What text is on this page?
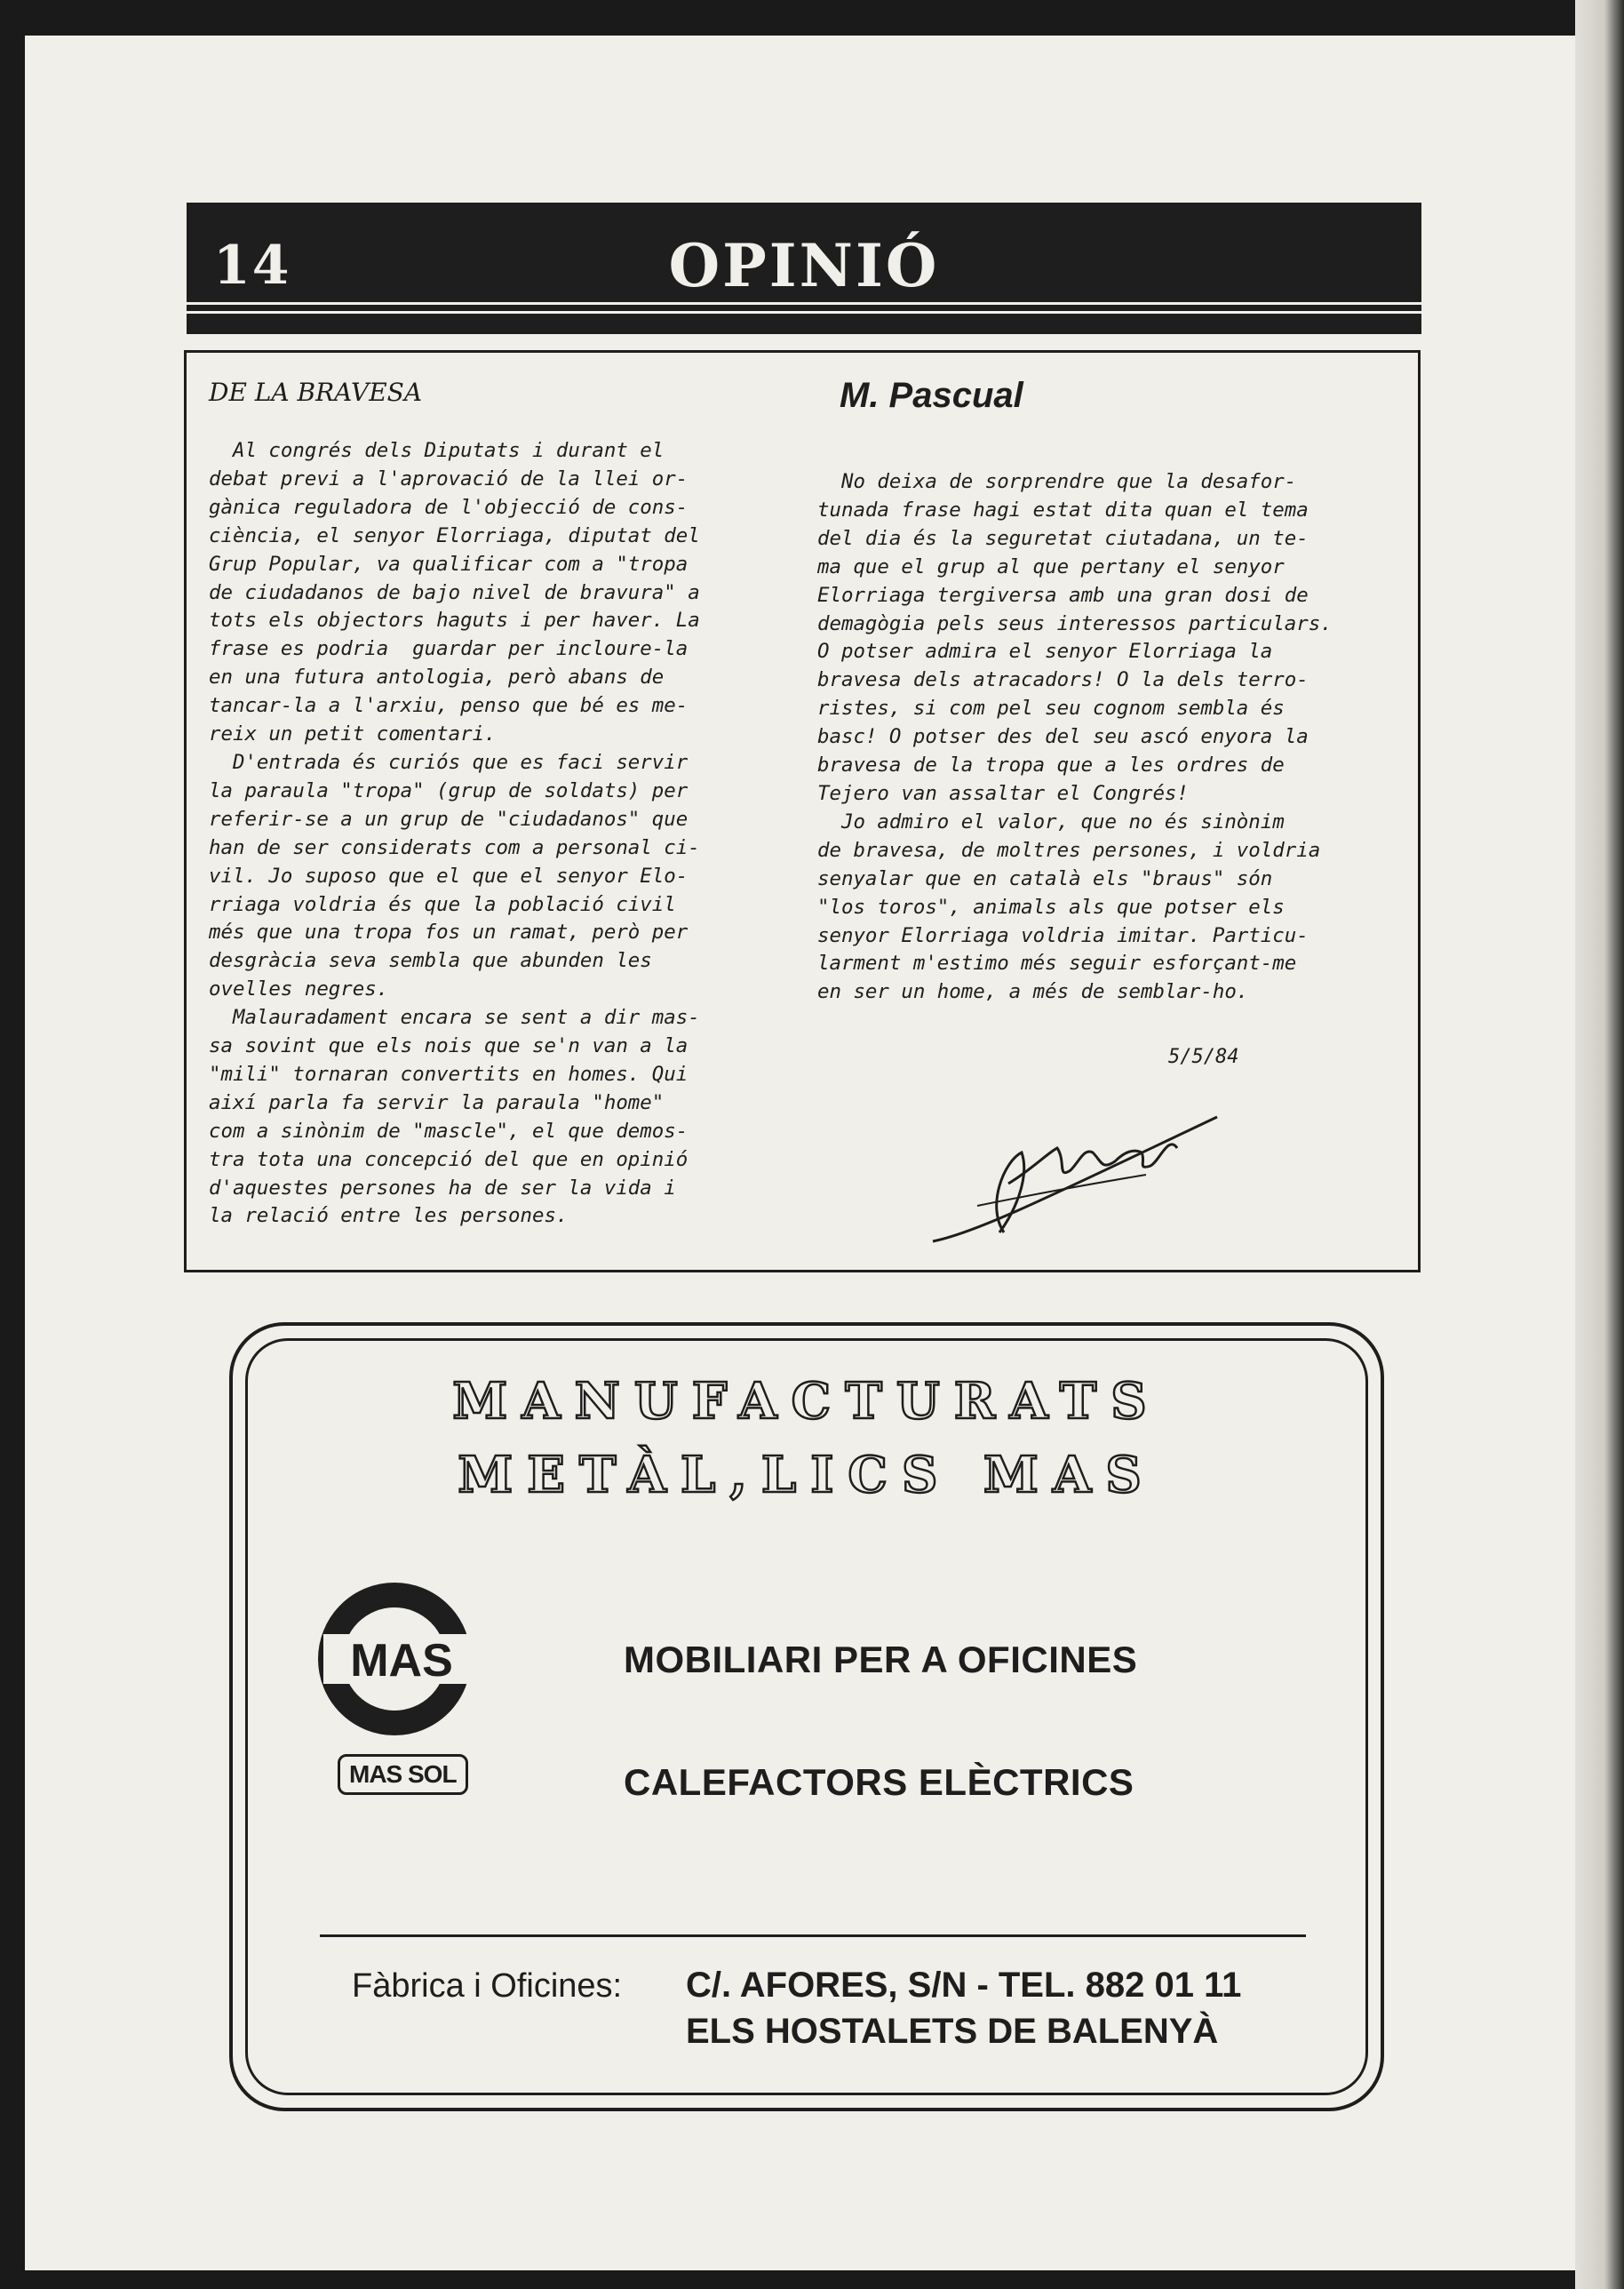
14	OPINIÓ
DE LA BRAVESA	M. Pascual
Al congrés dels Diputats i durant el
debat previ a l'aprovació de la llei or-
gànica reguladora de l'objecció de cons-
ciència, el senyor Elorriaga, diputat del
Grup Popular, va qualificar com a "tropa
de ciudadanos de bajo nivel de bravura" a
tots els objectors haguts i per haver. La
frase es podria  guardar per incloure-la
en una futura antologia, però abans de
tancar-la a l'arxiu, penso que bé es me-
reix un petit comentari.
D'entrada és curiós que es faci servir
la paraula "tropa" (grup de soldats) per
referir-se a un grup de "ciudadanos" que
han de ser considerats com a personal ci-
vil. Jo suposo que el que el senyor Elo-
rriaga voldria és que la població civil
més que una tropa fos un ramat, però per
desgràcia seva sembla que abunden les
ovelles negres.
Malauradament encara se sent a dir mas-
sa sovint que els nois que se'n van a la
"mili" tornaran convertits en homes. Qui
així parla fa servir la paraula "home"
com a sinònim de "mascle", el que demos-
tra tota una concepció del que en opinió
d'aquestes persones ha de ser la vida i
la relació entre les persones.
No deixa de sorprendre que la desafor-
tunada frase hagi estat dita quan el tema
del dia és la seguretat ciutadana, un te-
ma que el grup al que pertany el senyor
Elorriaga tergiversa amb una gran dosi de
demagògia pels seus interessos particulars.
O potser admira el senyor Elorriaga la
bravesa dels atracadors! O la dels terro-
ristes, si com pel seu cognom sembla és
basc! O potser des del seu ascó enyora la
bravesa de la tropa que a les ordres de
Tejero van assaltar el Congrés!
Jo admiro el valor, que no és sinònim
de bravesa, de moltres persones, i voldria
senyalar que en català els "braus" són
"los toros", animals als que potser els
senyor Elorriaga voldria imitar. Particu-
larment m'estimo més seguir esforçant-me
en ser un home, a més de semblar-ho.
5/5/84
MANUFACTURATS
METÀL,LICS MAS
MAS
MAS SOL
MOBILIARI PER A OFICINES
CALEFACTORS ELÈCTRICS
Fàbrica i Oficines: C/. AFORES, S/N - TEL. 882 01 11
ELS HOSTALETS DE BALENYÀ
